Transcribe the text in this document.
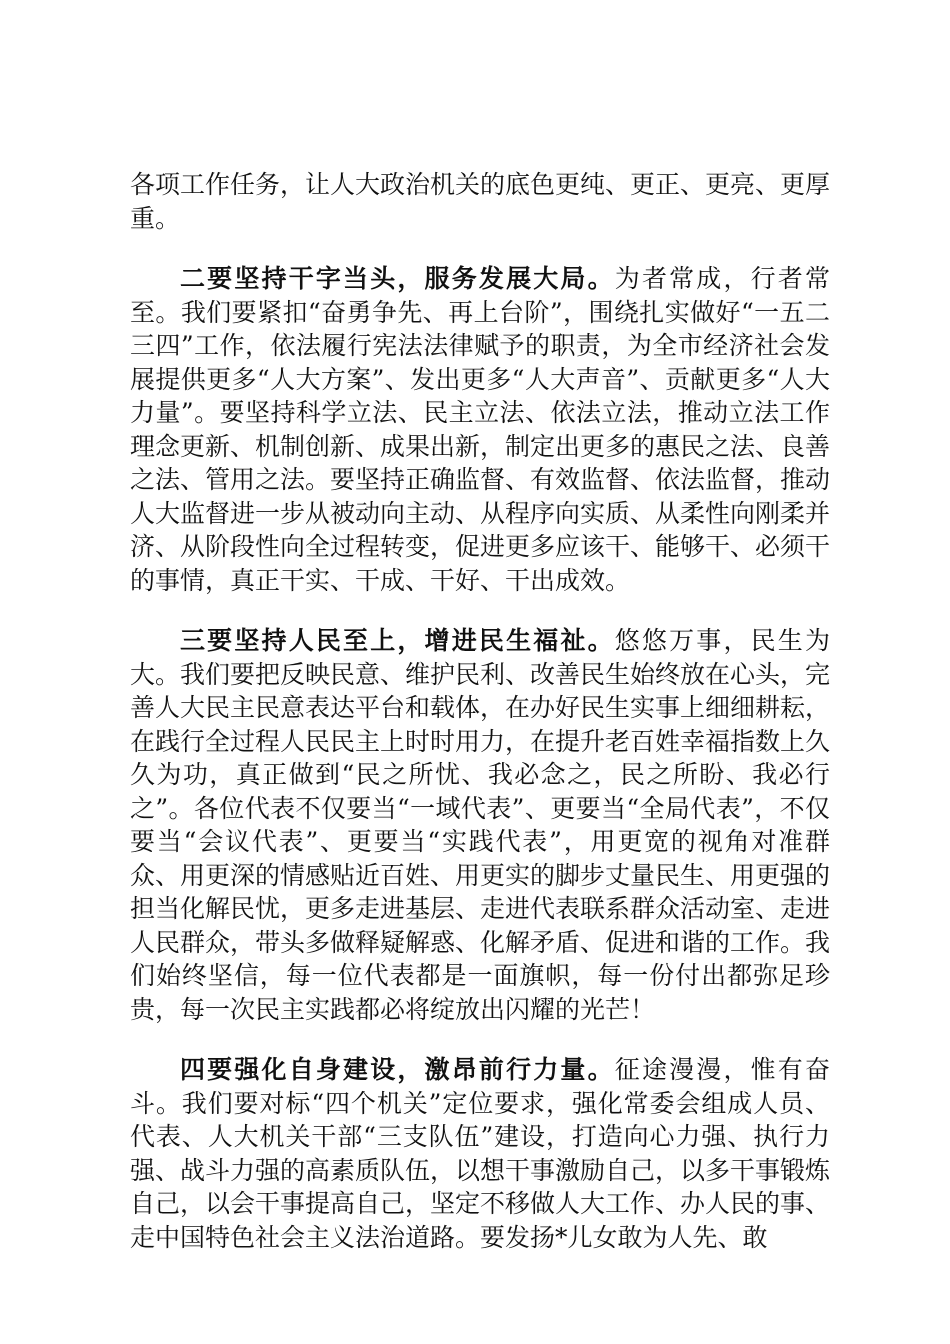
各项工作任务，让人大政治机关的底色更纯、更正、更亮、更厚重。

二要坚持干字当头，服务发展大局。为者常成，行者常至。我们要紧扣“奋勇争先、再上台阶”，围绕扎实做好“一五二三四”工作，依法履行宪法法律赋予的职责，为全市经济社会发展提供更多“人大方案”、发出更多“人大声音”、贡献更多“人大力量”。要坚持科学立法、民主立法、依法立法，推动立法工作理念更新、机制创新、成果出新，制定出更多的惠民之法、良善之法、管用之法。要坚持正确监督、有效监督、依法监督，推动人大监督进一步从被动向主动、从程序向实质、从柔性向刚柔并济、从阶段性向全过程转变，促进更多应该干、能够干、必须干的事情，真正干实、干成、干好、干出成效。

三要坚持人民至上，增进民生福祉。悠悠万事，民生为大。我们要把反映民意、维护民利、改善民生始终放在心头，完善人大民主民意表达平台和载体，在办好民生实事上细细耕耘，在践行全过程人民民主上时时用力，在提升老百姓幸福指数上久久为功，真正做到“民之所忧、我必念之，民之所盼、我必行之”。各位代表不仅要当“一域代表”、更要当“全局代表”，不仅要当“会议代表”、更要当“实践代表”，用更宽的视角对准群众、用更深的情感贴近百姓、用更实的脚步丈量民生、用更强的担当化解民忧，更多走进基层、走进代表联系群众活动室、走进人民群众，带头多做释疑解惑、化解矛盾、促进和谐的工作。我们始终坚信，每一位代表都是一面旗帜，每一份付出都弥足珍贵，每一次民主实践都必将绽放出闪耀的光芒！

四要强化自身建设，激昂前行力量。征途漫漫，惟有奋斗。我们要对标“四个机关”定位要求，强化常委会组成人员、代表、人大机关干部“三支队伍”建设，打造向心力强、执行力强、战斗力强的高素质队伍，以想干事激励自己，以多干事锻炼自己，以会干事提高自己，坚定不移做人大工作、办人民的事、走中国特色社会主义法治道路。要发扬*儿女敢为人先、敢
